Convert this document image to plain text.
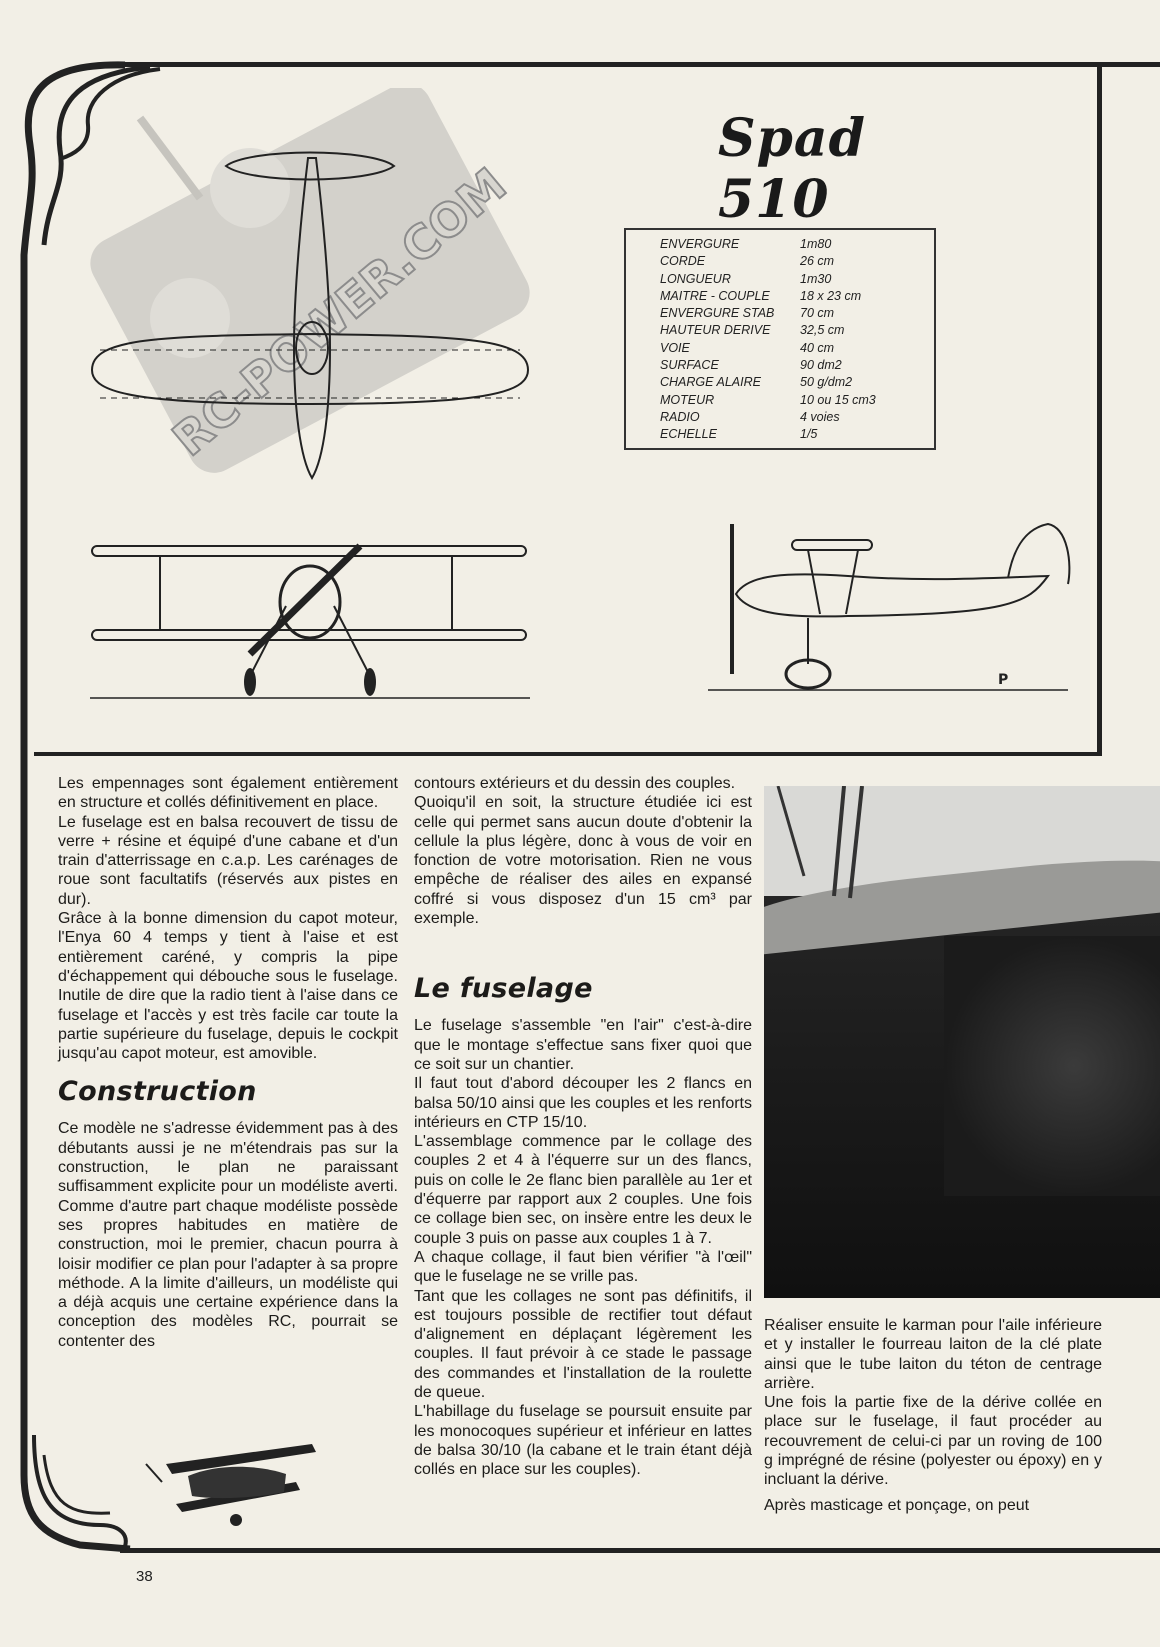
Spad 510
ENVERGURE	1m80
CORDE	26 cm
LONGUEUR	1m30
MAITRE - COUPLE	18 x 23 cm
ENVERGURE STAB	70 cm
HAUTEUR DERIVE	32,5 cm
VOIE	40 cm
SURFACE	90 dm2
CHARGE ALAIRE	50 g/dm2
MOTEUR	10 ou 15 cm3
RADIO	4 voies
ECHELLE	1/5
RC-POWER.COM
P

Les empennages sont également entièrement en structure et collés définitivement en place.

Le fuselage est en balsa recouvert de tissu de verre + résine et équipé d'une cabane et d'un train d'atterrissage en c.a.p. Les carénages de roue sont facultatifs (réservés aux pistes en dur).

Grâce à la bonne dimension du capot moteur, l'Enya 60 4 temps y tient à l'aise et est entièrement caréné, y compris la pipe d'échappement qui débouche sous le fuselage. Inutile de dire que la radio tient à l'aise dans ce fuselage et l'accès y est très facile car toute la partie supérieure du fuselage, depuis le cockpit jusqu'au capot moteur, est amovible.

Construction

Ce modèle ne s'adresse évidemment pas à des débutants aussi je ne m'étendrais pas sur la construction, le plan ne paraissant suffisamment explicite pour un modéliste averti. Comme d'autre part chaque modéliste possède ses propres habitudes en matière de construction, moi le premier, chacun pourra à loisir modifier ce plan pour l'adapter à sa propre méthode. A la limite d'ailleurs, un modéliste qui a déjà acquis une certaine expérience dans la conception des modèles RC, pourrait se contenter des

contours extérieurs et du dessin des couples.

Quoiqu'il en soit, la structure étudiée ici est celle qui permet sans aucun doute d'obtenir la cellule la plus légère, donc à vous de voir en fonction de votre motorisation. Rien ne vous empêche de réaliser des ailes en expansé coffré si vous disposez d'un 15 cm³ par exemple.

Le fuselage

Le fuselage s'assemble "en l'air" c'est-à-dire que le montage s'effectue sans fixer quoi que ce soit sur un chantier.

Il faut tout d'abord découper les 2 flancs en balsa 50/10 ainsi que les couples et les renforts intérieurs en CTP 15/10.

L'assemblage commence par le collage des couples 2 et 4 à l'équerre sur un des flancs, puis on colle le 2e flanc bien parallèle au 1er et d'équerre par rapport aux 2 couples. Une fois ce collage bien sec, on insère entre les deux le couple 3 puis on passe aux couples 1 à 7.

A chaque collage, il faut bien vérifier "à l'œil" que le fuselage ne se vrille pas.

Tant que les collages ne sont pas définitifs, il est toujours possible de rectifier tout défaut d'alignement en déplaçant légèrement les couples. Il faut prévoir à ce stade le passage des commandes et l'installation de la roulette de queue.

L'habillage du fuselage se poursuit ensuite par les monocoques supérieur et inférieur en lattes de balsa 30/10 (la cabane et le train étant déjà collés en place sur les couples).

Réaliser ensuite le karman pour l'aile inférieure et y installer le fourreau laiton de la clé plate ainsi que le tube laiton du téton de centrage arrière.

Une fois la partie fixe de la dérive collée en place sur le fuselage, il faut procéder au recouvrement de celui-ci par un roving de 100 g imprégné de résine (polyester ou époxy) en y incluant la dérive.

Après masticage et ponçage, on peut

38
